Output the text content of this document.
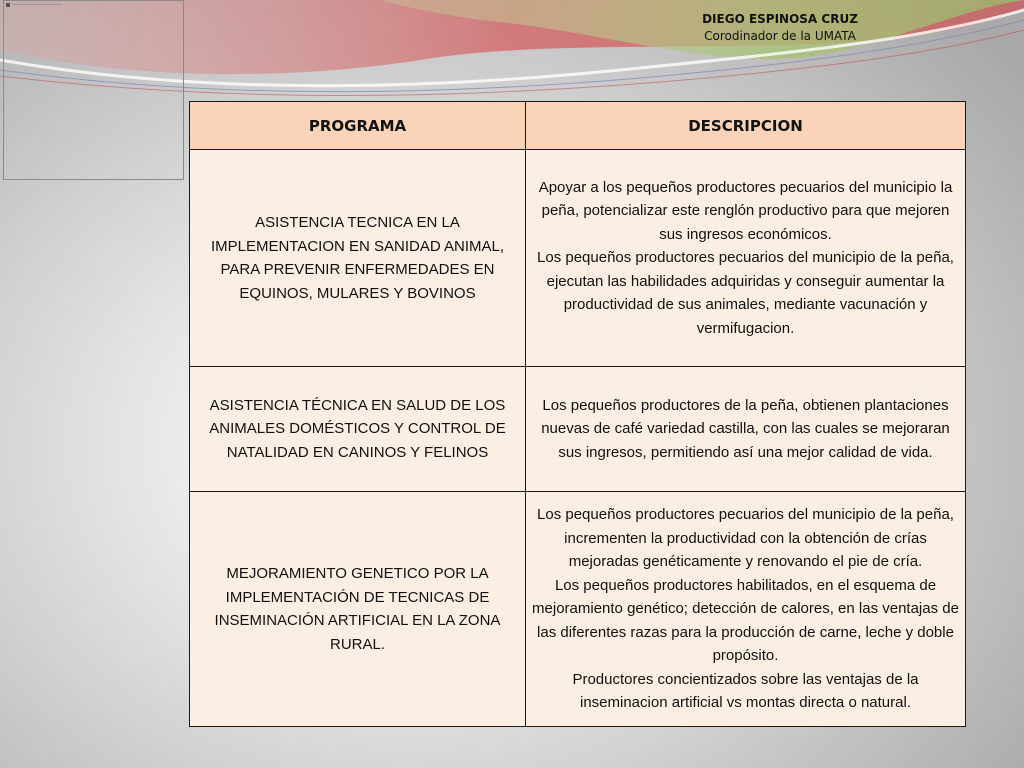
DIEGO ESPINOSA CRUZ
Corodinador de la UMATA
PROGRAMA	DESCRIPCION
ASISTENCIA TECNICA EN LA IMPLEMENTACION EN SANIDAD ANIMAL, PARA PREVENIR ENFERMEDADES EN EQUINOS, MULARES Y BOVINOS	Apoyar a los pequeños productores pecuarios del municipio la peña, potencializar este renglón productivo para que mejoren sus ingresos económicos.
Los pequeños productores pecuarios del municipio de la peña, ejecutan las habilidades adquiridas y conseguir aumentar la productividad de sus animales, mediante vacunación y vermifugacion.

ASISTENCIA TÉCNICA EN SALUD DE LOS ANIMALES DOMÉSTICOS Y CONTROL DE NATALIDAD EN CANINOS Y FELINOS	Los pequeños productores de la peña, obtienen plantaciones nuevas de café variedad castilla, con las cuales se mejoraran sus ingresos, permitiendo así una mejor calidad de vida.

MEJORAMIENTO GENETICO POR LA IMPLEMENTACIÓN DE TECNICAS DE INSEMINACIÓN ARTIFICIAL EN LA ZONA RURAL.	Los pequeños productores pecuarios del municipio de la peña, incrementen la productividad con la obtención de crías mejoradas genéticamente y renovando el pie de cría.
Los pequeños productores habilitados, en el esquema de mejoramiento genético; detección de calores, en las ventajas de las diferentes razas para la producción de carne, leche y doble propósito.
Productores concientizados sobre las ventajas de la inseminacion artificial vs montas directa o natural.
